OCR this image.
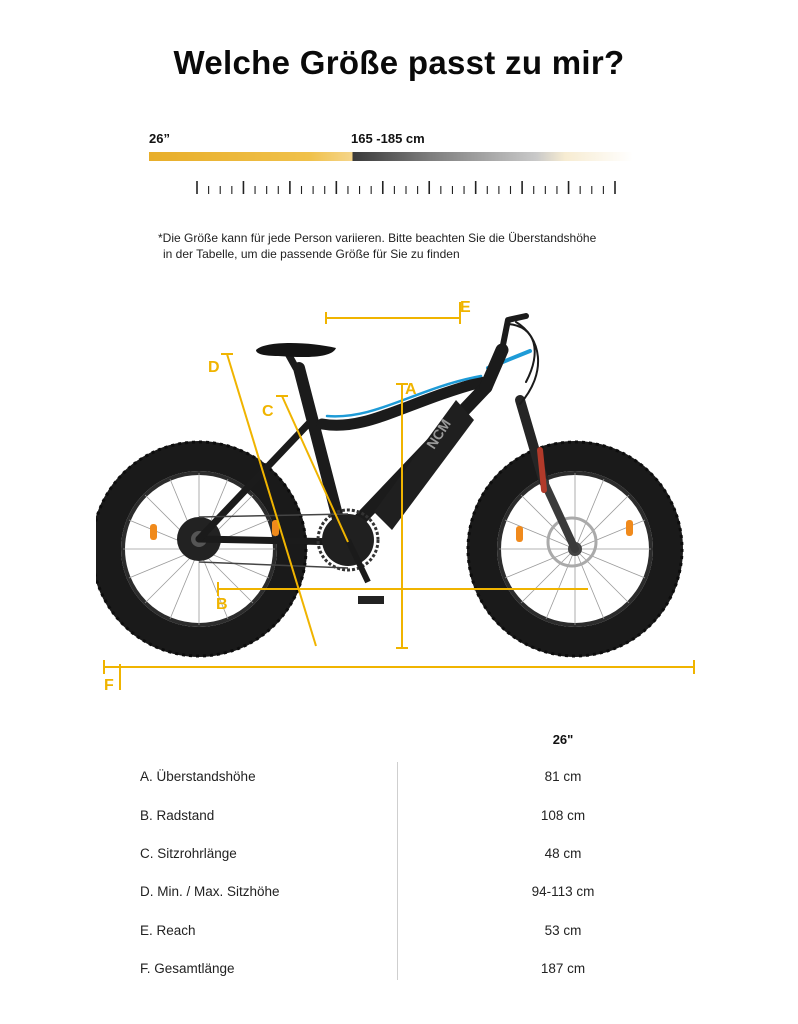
Welche Größe passt zu mir?
26”	165 -185 cm
*Die Größe kann für jede Person variieren. Bitte beachten Sie die Überstandshöhe
in der Tabelle, um die passende Größe für Sie zu finden
NCM
A
B
C
D
E
F
26"
A. Überstandshöhe	81 cm
B. Radstand	108 cm
C. Sitzrohrlänge	48 cm
D. Min. / Max. Sitzhöhe	94-113 cm
E. Reach	53 cm
F. Gesamtlänge	187 cm
